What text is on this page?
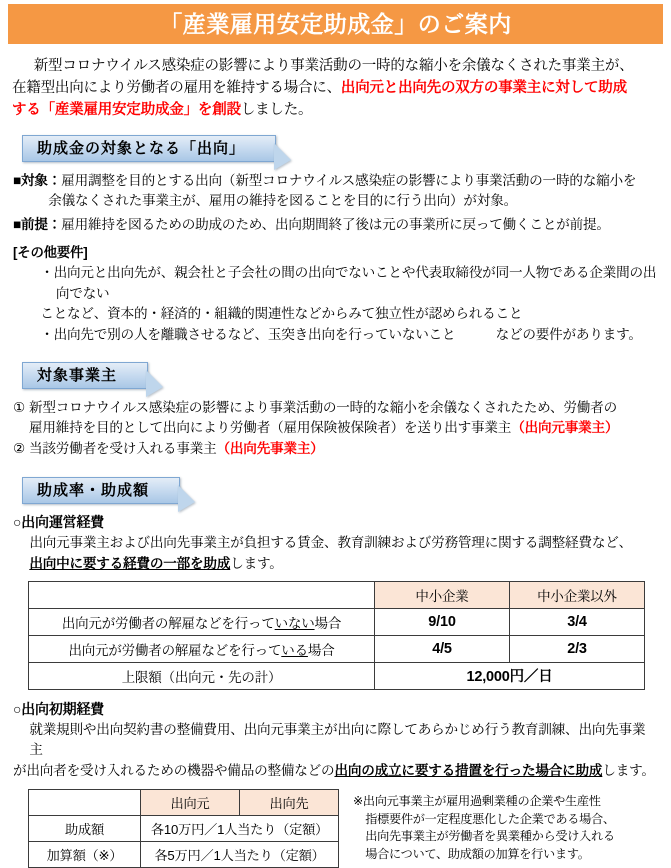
「産業雇用安定助成金」のご案内
新型コロナウイルス感染症の影響により事業活動の一時的な縮小を余儀なくされた事業主が、
在籍型出向により労働者の雇用を維持する場合に、出向元と出向先の双方の事業主に対して助成
する「産業雇用安定助成金」を創設しました。
助成金の対象となる「出向」
■ 対象：雇用調整を目的とする出向（新型コロナウイルス感染症の影響により事業活動の一時的な縮小を
余儀なくされた事業主が、雇用の維持を図ることを目的に行う出向）が対象。
■ 前提：雇用維持を図るための助成のため、出向期間終了後は元の事業所に戻って働くことが前提。
[その他要件]
・出向元と出向先が、親会社と子会社の間の出向でないことや代表取締役が同一人物である企業間の出向でない
ことなど、資本的・経済的・組織的関連性などからみて独立性が認められること
・出向先で別の人を離職させるなど、玉突き出向を行っていないこと　　　などの要件があります。
対象事業主
① 新型コロナウイルス感染症の影響により事業活動の一時的な縮小を余儀なくされたため、労働者の
雇用維持を目的として出向により労働者（雇用保険被保険者）を送り出す事業主（出向元事業主）
② 当該労働者を受け入れる事業主（出向先事業主）
助成率・助成額
○出向運営経費
出向元事業主および出向先事業主が負担する賃金、教育訓練および労務管理に関する調整経費など、
出向中に要する経費の一部を助成します。
	中小企業	中小企業以外
出向元が労働者の解雇などを行っていない場合	9/10	3/4
出向元が労働者の解雇などを行っている場合	4/5	2/3
上限額（出向元・先の計）	12,000円／日	
○出向初期経費
就業規則や出向契約書の整備費用、出向元事業主が出向に際してあらかじめ行う教育訓練、出向先事業主
が出向者を受け入れるための機器や備品の整備などの出向の成立に要する措置を行った場合に助成します。
	出向元	出向先
助成額	各10万円／1人当たり（定額）	
加算額（※）	各5万円／1人当たり（定額）	
※出向元事業主が雇用過剰業種の企業や生産性
指標要件が一定程度悪化した企業である場合、
出向先事業主が労働者を異業種から受け入れる
場合について、助成額の加算を行います。
